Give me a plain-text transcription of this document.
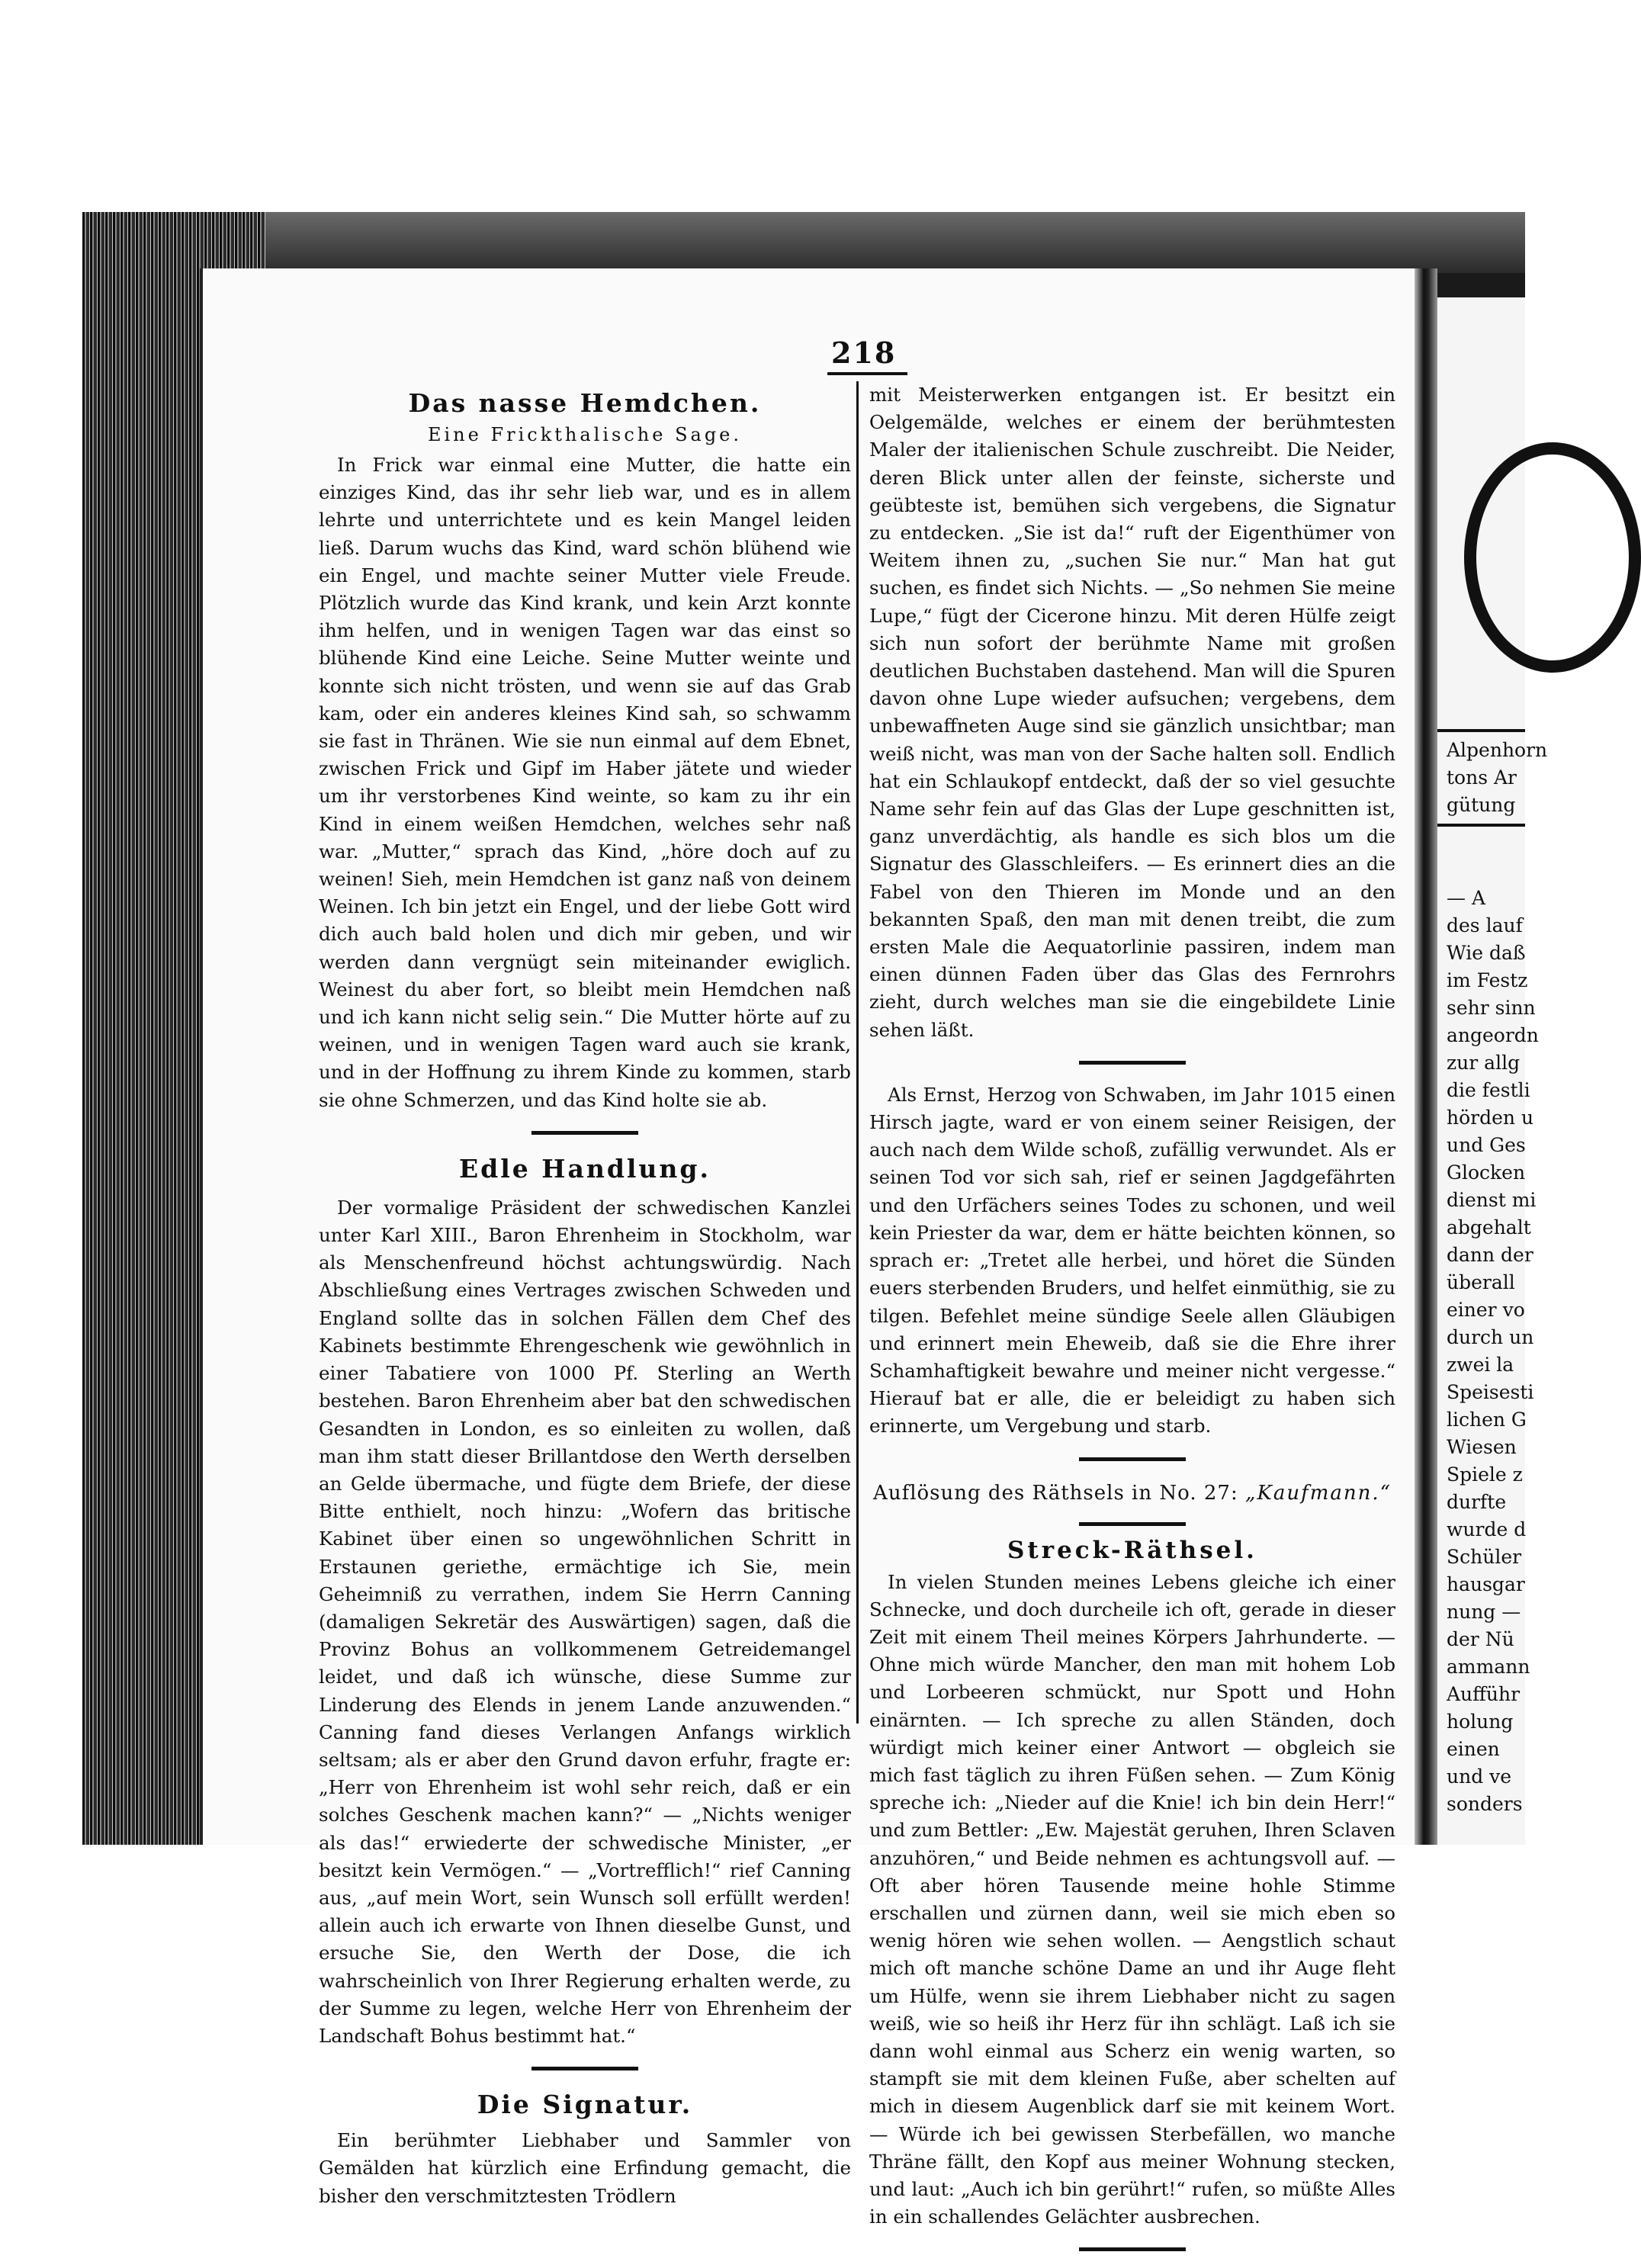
Alpenhorn
tons Ar
gütung
— A
des lauf
Wie daß
im Festz
sehr sinn
angeordn
zur allg
die festli
hörden u
und Ges
Glocken
dienst mi
abgehalt
dann der
überall
einer vo
durch un
zwei la
Speisesti
lichen G
Wiesen
Spiele z
durfte
wurde d
Schüler
hausgar
nung —
der Nü
ammann
Aufführ
holung
einen
und ve
sonders
218
Das nasse Hemdchen.
Eine Frickthalische Sage.

In Frick war einmal eine Mutter, die hatte ein einziges Kind, das ihr sehr lieb war, und es in allem lehrte und unterrichtete und es kein Mangel leiden ließ. Darum wuchs das Kind, ward schön blühend wie ein Engel, und machte seiner Mutter viele Freude. Plötzlich wurde das Kind krank, und kein Arzt konnte ihm helfen, und in wenigen Tagen war das einst so blühende Kind eine Leiche. Seine Mutter weinte und konnte sich nicht trösten, und wenn sie auf das Grab kam, oder ein anderes kleines Kind sah, so schwamm sie fast in Thränen. Wie sie nun einmal auf dem Ebnet, zwischen Frick und Gipf im Haber jätete und wieder um ihr verstorbenes Kind weinte, so kam zu ihr ein Kind in einem weißen Hemdchen, welches sehr naß war. „Mutter,“ sprach das Kind, „höre doch auf zu weinen! Sieh, mein Hemdchen ist ganz naß von deinem Weinen. Ich bin jetzt ein Engel, und der liebe Gott wird dich auch bald holen und dich mir geben, und wir werden dann vergnügt sein miteinander ewiglich. Weinest du aber fort, so bleibt mein Hemdchen naß und ich kann nicht selig sein.“ Die Mutter hörte auf zu weinen, und in wenigen Tagen ward auch sie krank, und in der Hoffnung zu ihrem Kinde zu kommen, starb sie ohne Schmerzen, und das Kind holte sie ab.

Edle Handlung.

Der vormalige Präsident der schwedischen Kanzlei unter Karl XIII., Baron Ehrenheim in Stockholm, war als Menschenfreund höchst achtungswürdig. Nach Abschließung eines Vertrages zwischen Schweden und England sollte das in solchen Fällen dem Chef des Kabinets bestimmte Ehrengeschenk wie gewöhnlich in einer Tabatiere von 1000 Pf. Sterling an Werth bestehen. Baron Ehrenheim aber bat den schwedischen Gesandten in London, es so einleiten zu wollen, daß man ihm statt dieser Brillantdose den Werth derselben an Gelde übermache, und fügte dem Briefe, der diese Bitte enthielt, noch hinzu: „Wofern das britische Kabinet über einen so ungewöhnlichen Schritt in Erstaunen geriethe, ermächtige ich Sie, mein Geheimniß zu verrathen, indem Sie Herrn Canning (damaligen Sekretär des Auswärtigen) sagen, daß die Provinz Bohus an vollkommenem Getreidemangel leidet, und daß ich wünsche, diese Summe zur Linderung des Elends in jenem Lande anzuwenden.“ Canning fand dieses Verlangen Anfangs wirklich seltsam; als er aber den Grund davon erfuhr, fragte er: „Herr von Ehrenheim ist wohl sehr reich, daß er ein solches Geschenk machen kann?“ — „Nichts weniger als das!“ erwiederte der schwedische Minister, „er besitzt kein Vermögen.“ — „Vortrefflich!“ rief Canning aus, „auf mein Wort, sein Wunsch soll erfüllt werden! allein auch ich erwarte von Ihnen dieselbe Gunst, und ersuche Sie, den Werth der Dose, die ich wahrscheinlich von Ihrer Regierung erhalten werde, zu der Summe zu legen, welche Herr von Ehrenheim der Landschaft Bohus bestimmt hat.“

Die Signatur.

Ein berühmter Liebhaber und Sammler von Gemälden hat kürzlich eine Erfindung gemacht, die bisher den verschmitztesten Trödlern

mit Meisterwerken entgangen ist. Er besitzt ein Oelgemälde, welches er einem der berühmtesten Maler der italienischen Schule zuschreibt. Die Neider, deren Blick unter allen der feinste, sicherste und geübteste ist, bemühen sich vergebens, die Signatur zu entdecken. „Sie ist da!“ ruft der Eigenthümer von Weitem ihnen zu, „suchen Sie nur.“ Man hat gut suchen, es findet sich Nichts. — „So nehmen Sie meine Lupe,“ fügt der Cicerone hinzu. Mit deren Hülfe zeigt sich nun sofort der berühmte Name mit großen deutlichen Buchstaben dastehend. Man will die Spuren davon ohne Lupe wieder aufsuchen; vergebens, dem unbewaffneten Auge sind sie gänzlich unsichtbar; man weiß nicht, was man von der Sache halten soll. Endlich hat ein Schlaukopf entdeckt, daß der so viel gesuchte Name sehr fein auf das Glas der Lupe geschnitten ist, ganz unverdächtig, als handle es sich blos um die Signatur des Glasschleifers. — Es erinnert dies an die Fabel von den Thieren im Monde und an den bekannten Spaß, den man mit denen treibt, die zum ersten Male die Aequatorlinie passiren, indem man einen dünnen Faden über das Glas des Fernrohrs zieht, durch welches man sie die eingebildete Linie sehen läßt.

Als Ernst, Herzog von Schwaben, im Jahr 1015 einen Hirsch jagte, ward er von einem seiner Reisigen, der auch nach dem Wilde schoß, zufällig verwundet. Als er seinen Tod vor sich sah, rief er seinen Jagdgefährten und den Urfächers seines Todes zu schonen, und weil kein Priester da war, dem er hätte beichten können, so sprach er: „Tretet alle herbei, und höret die Sünden euers sterbenden Bruders, und helfet einmüthig, sie zu tilgen. Befehlet meine sündige Seele allen Gläubigen und erinnert mein Eheweib, daß sie die Ehre ihrer Schamhaftigkeit bewahre und meiner nicht vergesse.“ Hierauf bat er alle, die er beleidigt zu haben sich erinnerte, um Vergebung und starb.

Auflösung des Räthsels in No. 27: „Kaufmann.“
Streck-Räthsel.

In vielen Stunden meines Lebens gleiche ich einer Schnecke, und doch durcheile ich oft, gerade in dieser Zeit mit einem Theil meines Körpers Jahrhunderte. — Ohne mich würde Mancher, den man mit hohem Lob und Lorbeeren schmückt, nur Spott und Hohn einärnten. — Ich spreche zu allen Ständen, doch würdigt mich keiner einer Antwort — obgleich sie mich fast täglich zu ihren Füßen sehen. — Zum König spreche ich: „Nieder auf die Knie! ich bin dein Herr!“ und zum Bettler: „Ew. Majestät geruhen, Ihren Sclaven anzuhören,“ und Beide nehmen es achtungsvoll auf. — Oft aber hören Tausende meine hohle Stimme erschallen und zürnen dann, weil sie mich eben so wenig hören wie sehen wollen. — Aengstlich schaut mich oft manche schöne Dame an und ihr Auge fleht um Hülfe, wenn sie ihrem Liebhaber nicht zu sagen weiß, wie so heiß ihr Herz für ihn schlägt. Laß ich sie dann wohl einmal aus Scherz ein wenig warten, so stampft sie mit dem kleinen Fuße, aber schelten auf mich in diesem Augenblick darf sie mit keinem Wort. — Würde ich bei gewissen Sterbefällen, wo manche Thräne fällt, den Kopf aus meiner Wohnung stecken, und laut: „Auch ich bin gerührt!“ rufen, so müßte Alles in ein schallendes Gelächter ausbrechen.
